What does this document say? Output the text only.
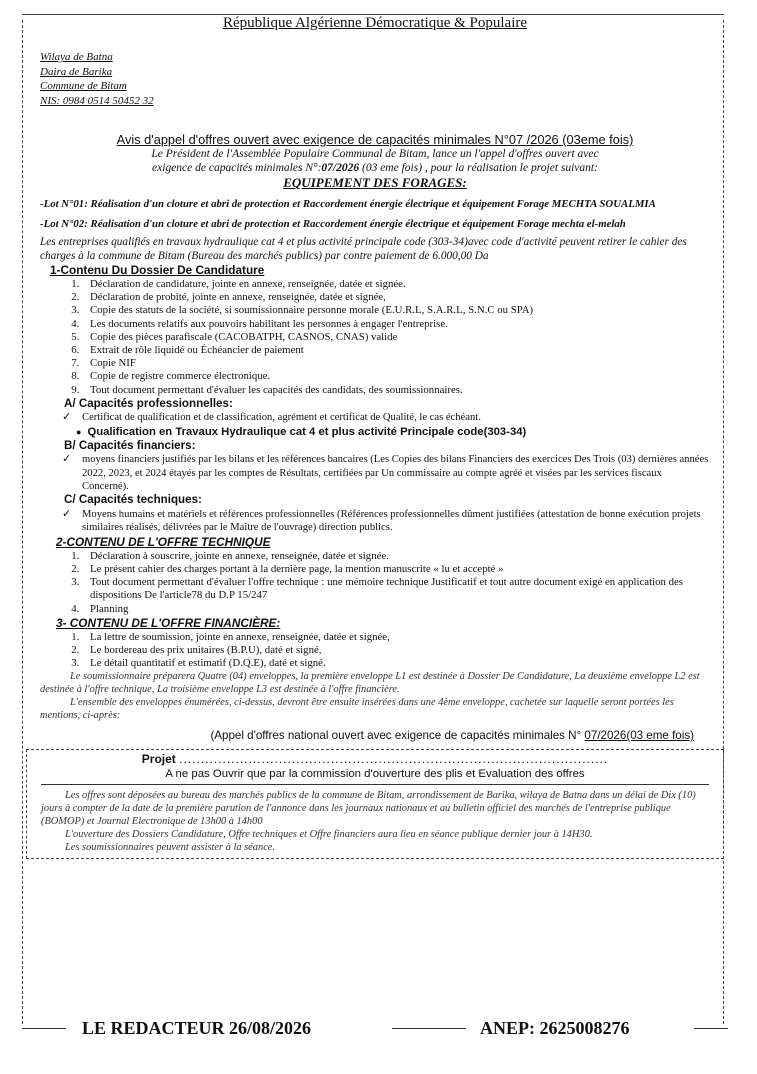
République Algérienne Démocratique & Populaire
Wilaya de Batna
Daira de Barika
Commune de Bitam
NIS: 0984 0514 50452 32
Avis d'appel d'offres ouvert avec exigence de capacités minimales N°07 /2026 (03eme fois)
Le Président de l'Assemblée Populaire Communal de Bitam, lance un l'appel d'offres ouvert avec
exigence de capacités minimales N°:07/2026 (03 eme fois) , pour la réalisation le projet suivant:
EQUIPEMENT DES FORAGES:
-Lot N°01: Réalisation d'un cloture et abri de protection et Raccordement énergie électrique et équipement Forage MECHTA SOUALMIA
-Lot N°02: Réalisation d'un cloture et abri de protection et Raccordement énergie électrique et équipement Forage mechta el-melah
Les entreprises qualifiés en travaux hydraulique cat 4 et plus activité principale code (303-34)avec code d'activité peuvent retirer le cahier des charges à la commune de Bitam (Bureau des marchés publics) par contre paiement de 6.000,00 Da
1-Contenu Du Dossier De Candidature
1. Déclaration de candidature, jointe en annexe, renseignée, datée et signée.
2. Déclaration de probité, jointe en annexe, renseignée, datée et signée,
3. Copie des statuts de la société, si soumissionnaire personne morale (E.U.R.L, S.A.R.L, S.N.C ou SPA)
4. Les documents relatifs aux pouvoirs habilitant les personnes à engager l'entreprise.
5. Copie des pièces parafiscale (CACOBATPH, CASNOS, CNAS) valide
6. Extrait de rôle liquidé ou Échéancier de paiement
7. Copie NIF
8. Copie de registre commerce électronique.
9. Tout document permettant d'évaluer les capacités des candidats, des soumissionnaires.
A/ Capacités professionnelles:
✓	Certificat de qualification et de classification, agrément et certificat de Qualité, le cas échéant.
● Qualification en Travaux Hydraulique cat 4 et plus activité Principale code(303-34)
B/ Capacités financiers:
✓	moyens financiers justifiés par les bilans et les références bancaires (Les Copies des bilans Financiers des exercices Des Trois (03) dernières années 2022, 2023, et 2024 étayés par les comptes de Résultats, certifiées par Un commissaire au compte agréé et visées par les services fiscaux Concerné).
C/ Capacités techniques:
✓	Moyens humains et matériels et références professionnelles (Références professionnelles dûment justifiées (attestation de bonne exécution projets similaires réalisés, délivrées par le Maître de l'ouvrage) direction publics.
2-CONTENU DE L'OFFRE TECHNIQUE
1. Déclaration à souscrire, jointe en annexe, renseignée, datée et signée.
2. Le présent cahier des charges portant à la dernière page, la mention manuscrite « lu et accepté »
3. Tout document permettant d'évaluer l'offre technique : une mémoire technique Justificatif et tout autre document exigé en application des dispositions De l'article78 du D.P 15/247
4. Planning
3- CONTENU DE L'OFFRE FINANCIÈRE:
1. La lettre de soumission, jointe en annexe, renseignée, datée et signée,
2. Le bordereau des prix unitaires (B.P.U), daté et signé,
3. Le détail quantitatif et estimatif (D.Q.E), daté et signé.
Le soumissionnaire préparera Quatre (04) enveloppes, la première enveloppe L1 est destinée à Dossier De Candidature, La deuxième enveloppe L2 est destinée à l'offre technique, La troisième enveloppe L3 est destinée à l'offre financière.
L'ensemble des enveloppes énumérées, ci-dessus, devront être ensuite insérées dans une 4ème enveloppe, cachetée sur laquelle seront portées les mentions, ci-après:
(Appel d'offres national ouvert avec exigence de capacités minimales N° 07/2026(03 eme fois)
Projet ...................................................................................................
A ne pas Ouvrir que par la commission d'ouverture des plis et Evaluation des offres

Les offres sont déposées au bureau des marchés publics de la commune de Bitam, arrondissement de Barika, wilaya de Batna dans un délai de Dix (10) jours à compter de la date de la première parution de l'annonce dans les journaux nationaux et au bulletin officiel des marchés de l'entreprise publique (BOMOP) et Journal Electronique de 13h00 à 14h00

L'ouverture des Dossiers Candidature, Offre techniques et Offre financiers aura lieu en séance publique dernier jour à 14H30.

Les soumissionnaires peuvent assister à la séance.

LE REDACTEUR 26/08/2026	ANEP: 2625008276
